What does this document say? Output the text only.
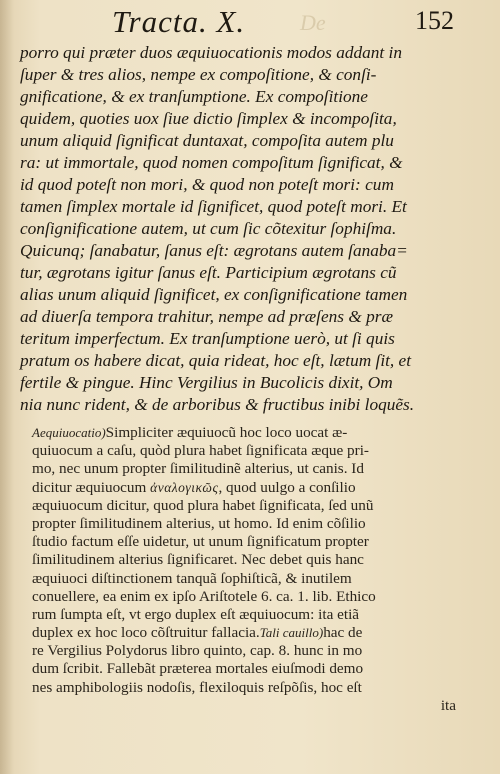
Tracta. X. De	152
porro qui præter duos æquiuocationis modos addant in
ſuper & tres alios, nempe ex compoſitione, & conſi-
gnificatione, & ex tranſumptione. Ex compoſitione
quidem, quoties uox ſiue dictio ſimplex & incompoſita,
unum aliquid ſignificat duntaxat, compoſita autem plu
ra: ut immortale, quod nomen compoſitum ſignificat, &
id quod poteſt non mori, & quod non poteſt mori: cum
tamen ſimplex mortale id ſignificet, quod poteſt mori. Et
conſignificatione autem, ut cum ſic cõtexitur ſophiſma.
Quicunq; ſanabatur, ſanus eſt: ægrotans autem ſanaba=
tur, ægrotans igitur ſanus eſt. Participium ægrotans cũ
alias unum aliquid ſignificet, ex conſignificatione tamen
ad diuerſa tempora trahitur, nempe ad præſens & præ
teritum imperfectum. Ex tranſumptione uerò, ut ſi quis
pratum os habere dicat, quia rideat, hoc eſt, lætum ſit, et
fertile & pingue. Hinc Vergilius in Bucolicis dixit, Om
nia nunc rident, & de arboribus & fructibus inibi loquẽs.
Aequiuocatio)Simpliciter æquiuocũ hoc loco uocat æ-
quiuocum a caſu, quòd plura habet ſignificata æque pri-
mo, nec unum propter ſimilitudinẽ alterius, ut canis. Id
dicitur æquiuocum ἀναλογικῶς, quod uulgo a conſilio
æquiuocum dicitur, quod plura habet ſignificata, ſed unũ
propter ſimilitudinem alterius, ut homo. Id enim cõſilio
ſtudio factum eſſe uidetur, ut unum ſignificatum propter
ſimilitudinem alterius ſignificaret. Nec debet quis hanc
æquiuoci diſtinctionem tanquã ſophiſticã, & inutilem
conuellere, ea enim ex ipſo Ariſtotele 6. ca. 1. lib. Ethico
rum ſumpta eſt, vt ergo duplex eſt æquiuocum: ita etiã
duplex ex hoc loco cõſtruitur fallacia.Tali cauillo)hac de
re Vergilius Polydorus libro quinto, cap. 8. hunc in mo
dum ſcribit. Fallebãt præterea mortales eiuſmodi demo
nes amphibologiis nodoſis, flexiloquis reſpõſis, hoc eſt
ita
